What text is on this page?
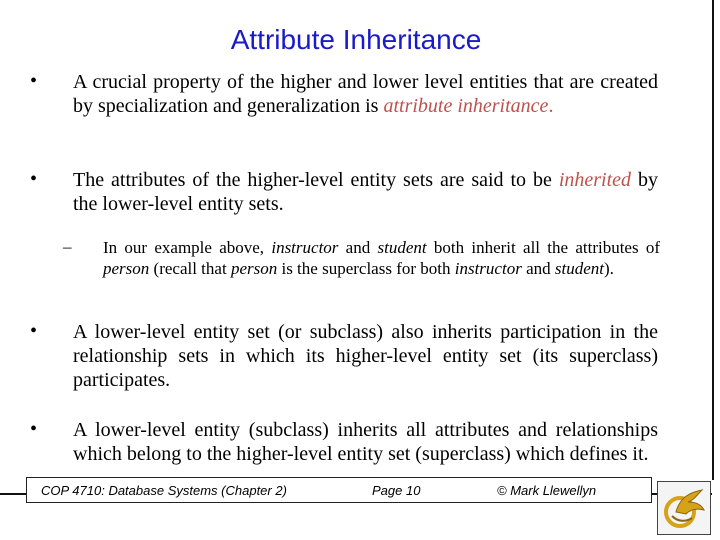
Attribute Inheritance
• A crucial property of the higher and lower level entities that are created by specialization and generalization is attribute inheritance.
• The attributes of the higher-level entity sets are said to be inherited by the lower-level entity sets.
– In our example above, instructor and student both inherit all the attributes of person (recall that person is the superclass for both instructor and student).
• A lower-level entity set (or subclass) also inherits participation in the relationship sets in which its higher-level entity set (its superclass) participates.
• A lower-level entity (subclass) inherits all attributes and relationships which belong to the higher-level entity set (superclass) which defines it.
COP 4710: Database Systems (Chapter 2)	Page 10	© Mark Llewellyn
